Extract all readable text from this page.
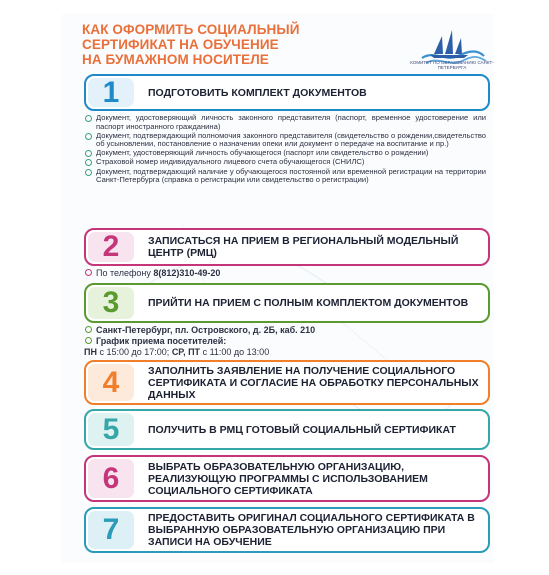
КАК ОФОРМИТЬ СОЦИАЛЬНЫЙ
СЕРТИФИКАТ НА ОБУЧЕНИЕ
НА БУМАЖНОМ НОСИТЕЛЕ	КОМИТЕТ ПО ОБРАЗОВАНИЮ САНКТ-ПЕТЕРБУРГА
1	ПОДГОТОВИТЬ КОМПЛЕКТ ДОКУМЕНТОВ
Документ, удостоверяющий личность законного представителя (паспорт, временное удостоверение или паспорт иностранного гражданина)
Документ, подтверждающий полномочия законного представителя (свидетельство о рождении,свидетельство об усыновлении, постановление о назначении опеки или документ о передаче на воспитание и пр.)
Документ, удостоверяющий личность обучающегося (паспорт или свидетельство о рождении)
Страховой номер индивидуального лицевого счета обучающегося (СНИЛС)
Документ, подтверждающий наличие у обучающегося постоянной или временной регистрации на территории Санкт-Петербурга (справка о регистрации или свидетельство о регистрации)
2	ЗАПИСАТЬСЯ НА ПРИЕМ В РЕГИОНАЛЬНЫЙ МОДЕЛЬНЫЙ ЦЕНТР (РМЦ)
По телефону 8(812)310-49-20
3	ПРИЙТИ НА ПРИЕМ С ПОЛНЫМ КОМПЛЕКТОМ ДОКУМЕНТОВ
Санкт-Петербург, пл. Островского, д. 2Б, каб. 210
График приема посетителей:
ПН с 15:00 до 17:00; СР, ПТ с 11:00 до 13:00
4	ЗАПОЛНИТЬ ЗАЯВЛЕНИЕ НА ПОЛУЧЕНИЕ СОЦИАЛЬНОГО СЕРТИФИКАТА И СОГЛАСИЕ НА ОБРАБОТКУ ПЕРСОНАЛЬНЫХ ДАННЫХ
5	ПОЛУЧИТЬ В РМЦ ГОТОВЫЙ СОЦИАЛЬНЫЙ СЕРТИФИКАТ
6	ВЫБРАТЬ ОБРАЗОВАТЕЛЬНУЮ ОРГАНИЗАЦИЮ, РЕАЛИЗУЮЩУЮ ПРОГРАММЫ С ИСПОЛЬЗОВАНИЕМ СОЦИАЛЬНОГО СЕРТИФИКАТА
7	ПРЕДОСТАВИТЬ ОРИГИНАЛ СОЦИАЛЬНОГО СЕРТИФИКАТА В ВЫБРАННУЮ ОБРАЗОВАТЕЛЬНУЮ ОРГАНИЗАЦИЮ ПРИ ЗАПИСИ НА ОБУЧЕНИЕ
